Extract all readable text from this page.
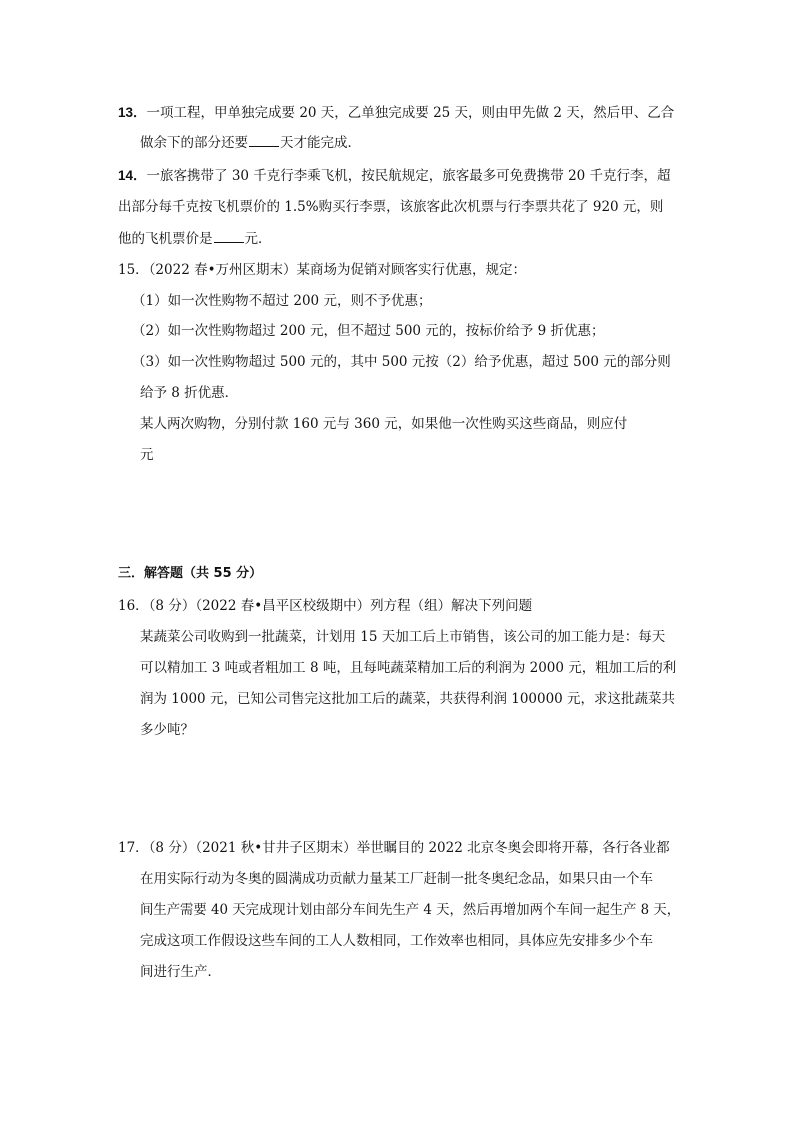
13．一项工程，甲单独完成要 20 天，乙单独完成要 25 天，则由甲先做 2 天，然后甲、乙合
做余下的部分还要 天才能完成．
14．一旅客携带了 30 千克行李乘飞机，按民航规定，旅客最多可免费携带 20 千克行李，超
出部分每千克按飞机票价的 1.5%购买行李票，该旅客此次机票与行李票共花了 920 元，则
他的飞机票价是 元．
15．（2022 春•万州区期末）某商场为促销对顾客实行优惠，规定：
（1）如一次性购物不超过 200 元，则不予优惠；
（2）如一次性购物超过 200 元，但不超过 500 元的，按标价给予 9 折优惠；
（3）如一次性购物超过 500 元的，其中 500 元按（2）给予优惠，超过 500 元的部分则
给予 8 折优惠．
某人两次购物，分别付款 160 元与 360 元，如果他一次性购买这些商品，则应付
元
三．解答题（共 55 分）
16．（8 分）（2022 春•昌平区校级期中）列方程（组）解决下列问题
某蔬菜公司收购到一批蔬菜，计划用 15 天加工后上市销售，该公司的加工能力是：每天
可以精加工 3 吨或者粗加工 8 吨，且每吨蔬菜精加工后的利润为 2000 元，粗加工后的利
润为 1000 元，已知公司售完这批加工后的蔬菜，共获得利润 100000 元，求这批蔬菜共
多少吨？
17．（8 分）（2021 秋•甘井子区期末）举世瞩目的 2022 北京冬奥会即将开幕，各行各业都
在用实际行动为冬奥的圆满成功贡献力量某工厂赶制一批冬奥纪念品，如果只由一个车
间生产需要 40 天完成现计划由部分车间先生产 4 天，然后再增加两个车间一起生产 8 天，
完成这项工作假设这些车间的工人人数相同，工作效率也相同，具体应先安排多少个车
间进行生产．
